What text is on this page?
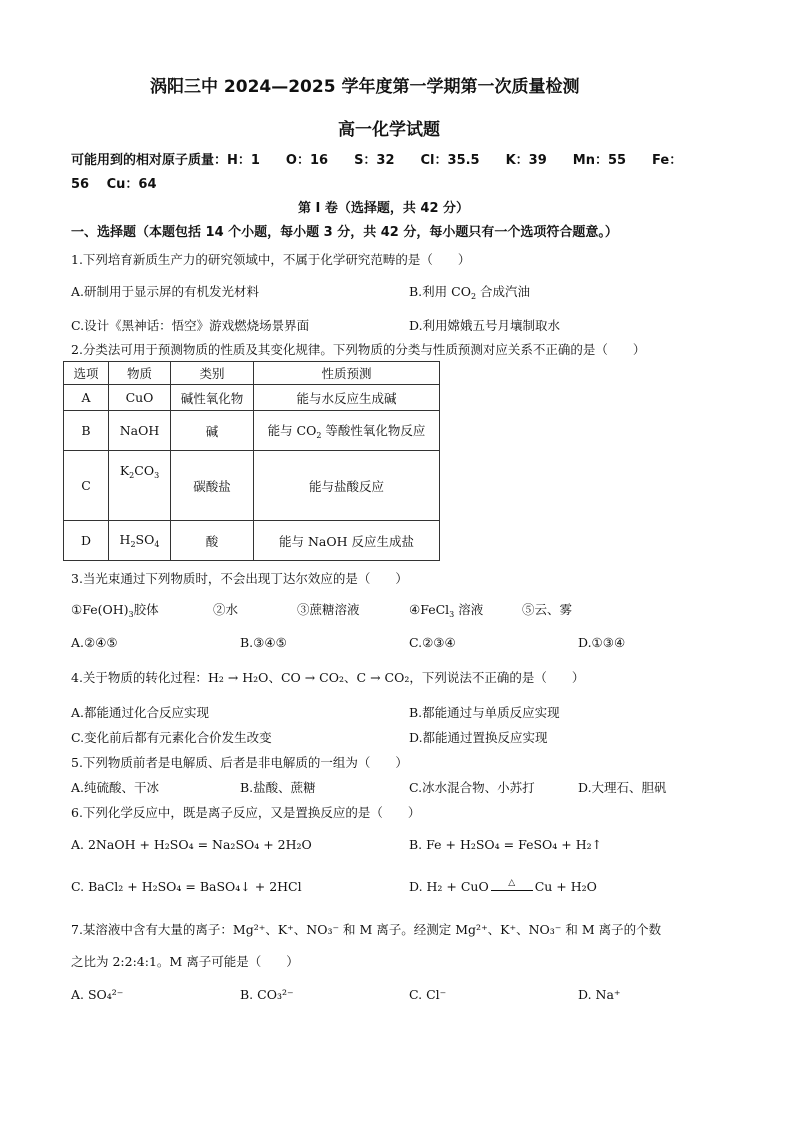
涡阳三中 2024—2025 学年度第一学期第一次质量检测
高一化学试题
可能用到的相对原子质量：H：1　　O：16　　S：32　　Cl：35.5　　K：39　　Mn：55　　Fe：
56　 Cu：64
第 I 卷（选择题，共 42 分）
一、选择题（本题包括 14 个小题，每小题 3 分，共 42 分，每小题只有一个选项符合题意。）
1.下列培育新质生产力的研究领域中，不属于化学研究范畴的是（　　）
A.研制用于显示屏的有机发光材料	B.利用 $CO_2$ 合成汽油
C.设计《黑神话：悟空》游戏燃烧场景界面	D.利用嫦娥五号月壤制取水
2.分类法可用于预测物质的性质及其变化规律。下列物质的分类与性质预测对应关系不正确的是（　　）
选项	物质	类别	性质预测
A	CuO	碱性氧化物	能与水反应生成碱
B	NaOH	碱	能与 $CO_2$ 等酸性氧化物反应
C	$K_2CO_3$	碳酸盐	能与盐酸反应
D	$H_2SO_4$	酸	能与 NaOH 反应生成盐
3.当光束通过下列物质时，不会出现丁达尔效应的是（　　）
$①Fe(OH)_3$胶体	②水	③蔗糖溶液	④FeCl$_3$ 溶液	⑤云、雾
A.②④⑤	B.③④⑤	C.②③④	D.①③④
4.关于物质的转化过程：H₂ → H₂O、CO → CO₂、C → CO₂，下列说法不正确的是（　　）
A.都能通过化合反应实现	B.都能通过与单质反应实现
C.变化前后都有元素化合价发生改变	D.都能通过置换反应实现
5.下列物质前者是电解质、后者是非电解质的一组为（　　）
A.纯硫酸、干冰	B.盐酸、蔗糖	C.冰水混合物、小苏打	D.大理石、胆矾
6.下列化学反应中，既是离子反应，又是置换反应的是（　　）
A. 2NaOH + H₂SO₄ = Na₂SO₄ + 2H₂O	B. Fe + H₂SO₄ = FeSO₄ + H₂↑
C. BaCl₂ + H₂SO₄ = BaSO₄↓ + 2HCl	D. H₂ + CuO △ Cu + H₂O
7.某溶液中含有大量的离子：Mg²⁺、K⁺、NO₃⁻ 和 M 离子。经测定 Mg²⁺、K⁺、NO₃⁻ 和 M 离子的个数
之比为 2:2:4:1。M 离子可能是（　　）
A. SO₄²⁻	B. CO₃²⁻	C. Cl⁻	D. Na⁺
